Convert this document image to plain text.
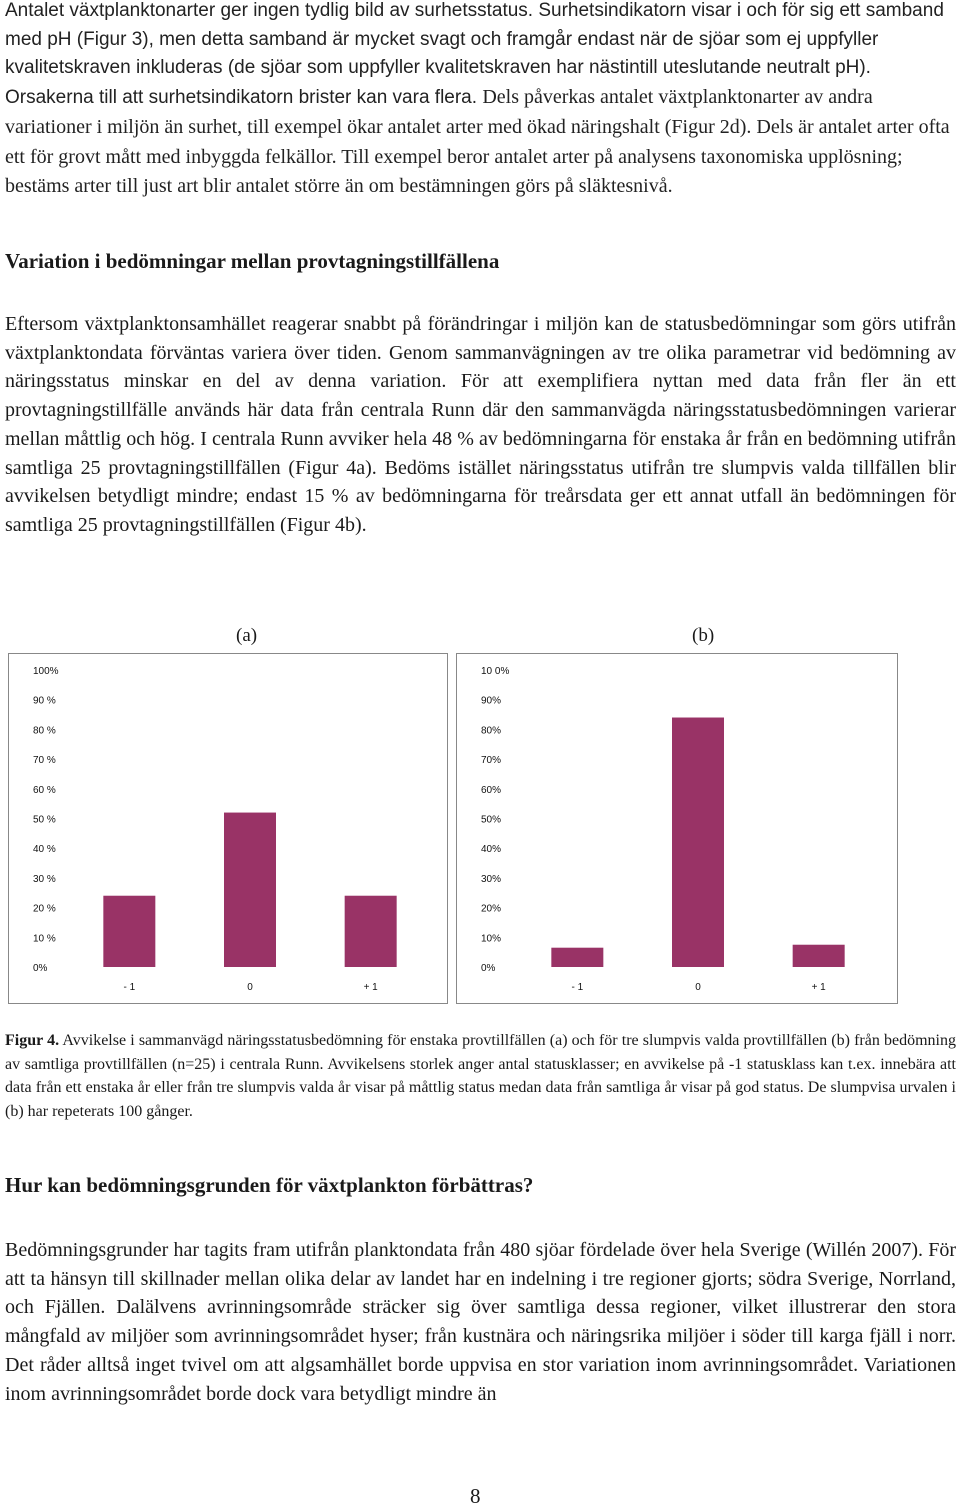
Antalet växtplanktonarter ger ingen tydlig bild av surhetsstatus. Surhetsindikatorn visar i och för sig ett samband med pH (Figur 3), men detta samband är mycket svagt och framgår endast när de sjöar som ej uppfyller kvalitetskraven inkluderas (de sjöar som uppfyller kvalitetskraven har nästintill uteslutande neutralt pH). Orsakerna till att surhetsindikatorn brister kan vara flera. Dels påverkas antalet växtplanktonarter av andra variationer i miljön än surhet, till exempel ökar antalet arter med ökad näringshalt (Figur 2d). Dels är antalet arter ofta ett för grovt mått med inbyggda felkällor. Till exempel beror antalet arter på analysens taxonomiska upplösning; bestäms arter till just art blir antalet större än om bestämningen görs på släktesnivå.

Variation i bedömningar mellan provtagningstillfällena

Eftersom växtplanktonsamhället reagerar snabbt på förändringar i miljön kan de statusbedömningar som görs utifrån växtplanktondata förväntas variera över tiden. Genom sammanvägningen av tre olika parametrar vid bedömning av näringsstatus minskar en del av denna variation. För att exemplifiera nyttan med data från fler än ett provtagningstillfälle används här data från centrala Runn där den sammanvägda näringsstatusbedömningen varierar mellan måttlig och hög. I centrala Runn avviker hela 48 % av bedömningarna för enstaka år från en bedömning utifrån samtliga 25 provtagningstillfällen (Figur 4a). Bedöms istället näringsstatus utifrån tre slumpvis valda tillfällen blir avvikelsen betydligt mindre; endast 15 % av bedömningarna för treårsdata ger ett annat utfall än bedömningen för samtliga 25 provtagningstillfällen (Figur 4b).

(a)	(b)
0%
10 %
20 %
30 %
40 %
50 %
60 %
70 %
80 %
90 %
100%
- 1	0	+ 1
0%
10%
20%
30%
40%
50%
60%
70%
80%
90%
10 0%
- 1	0	+ 1

Figur 4. Avvikelse i sammanvägd näringsstatusbedömning för enstaka provtillfällen (a) och för tre slumpvis valda provtillfällen (b) från bedömning av samtliga provtillfällen (n=25) i centrala Runn. Avvikelsens storlek anger antal statusklasser; en avvikelse på -1 statusklass kan t.ex. innebära att data från ett enstaka år eller från tre slumpvis valda år visar på måttlig status medan data från samtliga år visar på god status. De slumpvisa urvalen i (b) har repeterats 100 gånger.

Hur kan bedömningsgrunden för växtplankton förbättras?

Bedömningsgrunder har tagits fram utifrån planktondata från 480 sjöar fördelade över hela Sverige (Willén 2007). För att ta hänsyn till skillnader mellan olika delar av landet har en indelning i tre regioner gjorts; södra Sverige, Norrland, och Fjällen. Dalälvens avrinningsområde sträcker sig över samtliga dessa regioner, vilket illustrerar den stora mångfald av miljöer som avrinningsområdet hyser; från kustnära och näringsrika miljöer i söder till karga fjäll i norr. Det råder alltså inget tvivel om att algsamhället borde uppvisa en stor variation inom avrinningsområdet. Variationen inom avrinningsområdet borde dock vara betydligt mindre än

8
